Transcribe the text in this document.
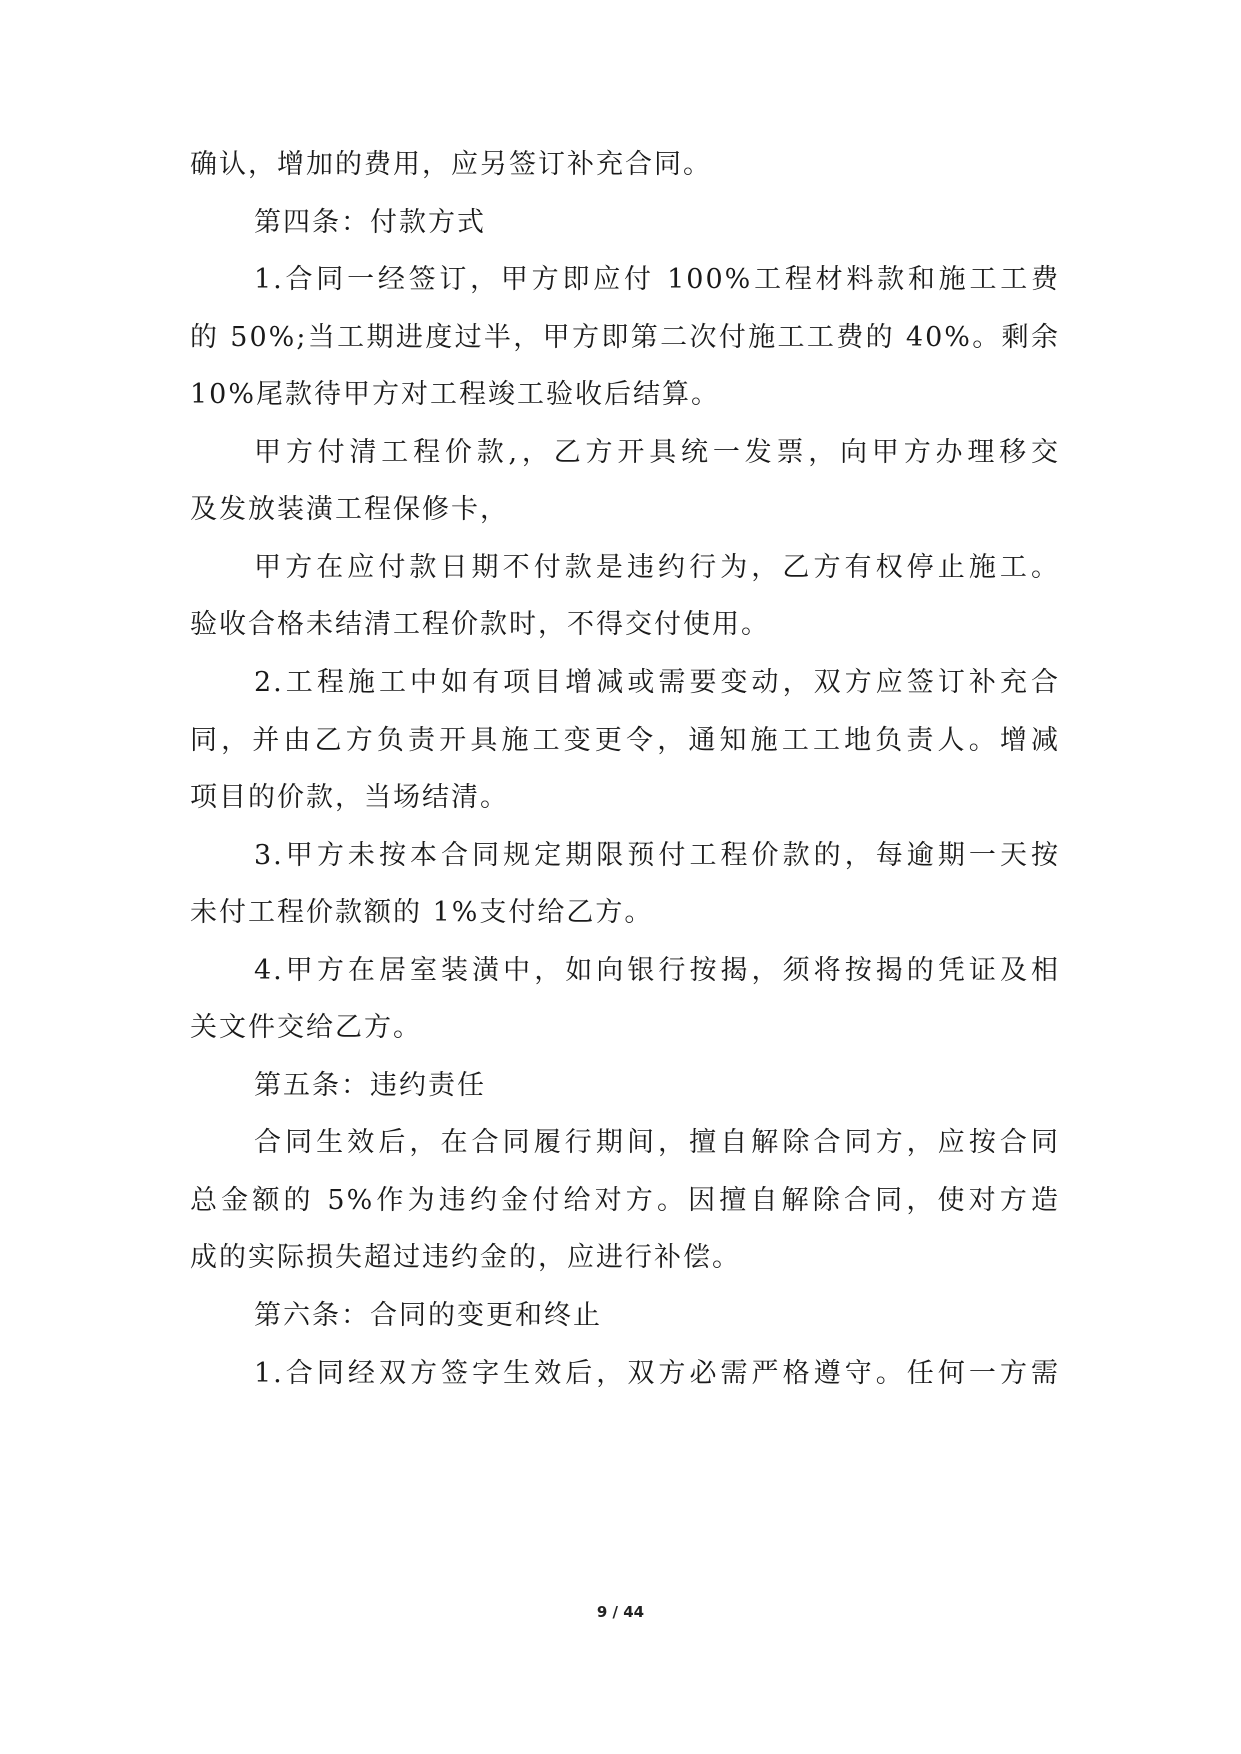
确认，增加的费用，应另签订补充合同。
第四条：付款方式
1.合同一经签订，甲方即应付 100%工程材料款和施工工费
的 50%;当工期进度过半，甲方即第二次付施工工费的 40%。剩余
10%尾款待甲方对工程竣工验收后结算。
甲方付清工程价款,，乙方开具统一发票，向甲方办理移交
及发放装潢工程保修卡，
甲方在应付款日期不付款是违约行为，乙方有权停止施工。
验收合格未结清工程价款时，不得交付使用。
2.工程施工中如有项目增减或需要变动，双方应签订补充合
同，并由乙方负责开具施工变更令，通知施工工地负责人。增减
项目的价款，当场结清。
3.甲方未按本合同规定期限预付工程价款的，每逾期一天按
未付工程价款额的 1%支付给乙方。
4.甲方在居室装潢中，如向银行按揭，须将按揭的凭证及相
关文件交给乙方。
第五条：违约责任
合同生效后，在合同履行期间，擅自解除合同方，应按合同
总金额的 5%作为违约金付给对方。因擅自解除合同，使对方造
成的实际损失超过违约金的，应进行补偿。
第六条：合同的变更和终止
1.合同经双方签字生效后，双方必需严格遵守。任何一方需
9 / 44
